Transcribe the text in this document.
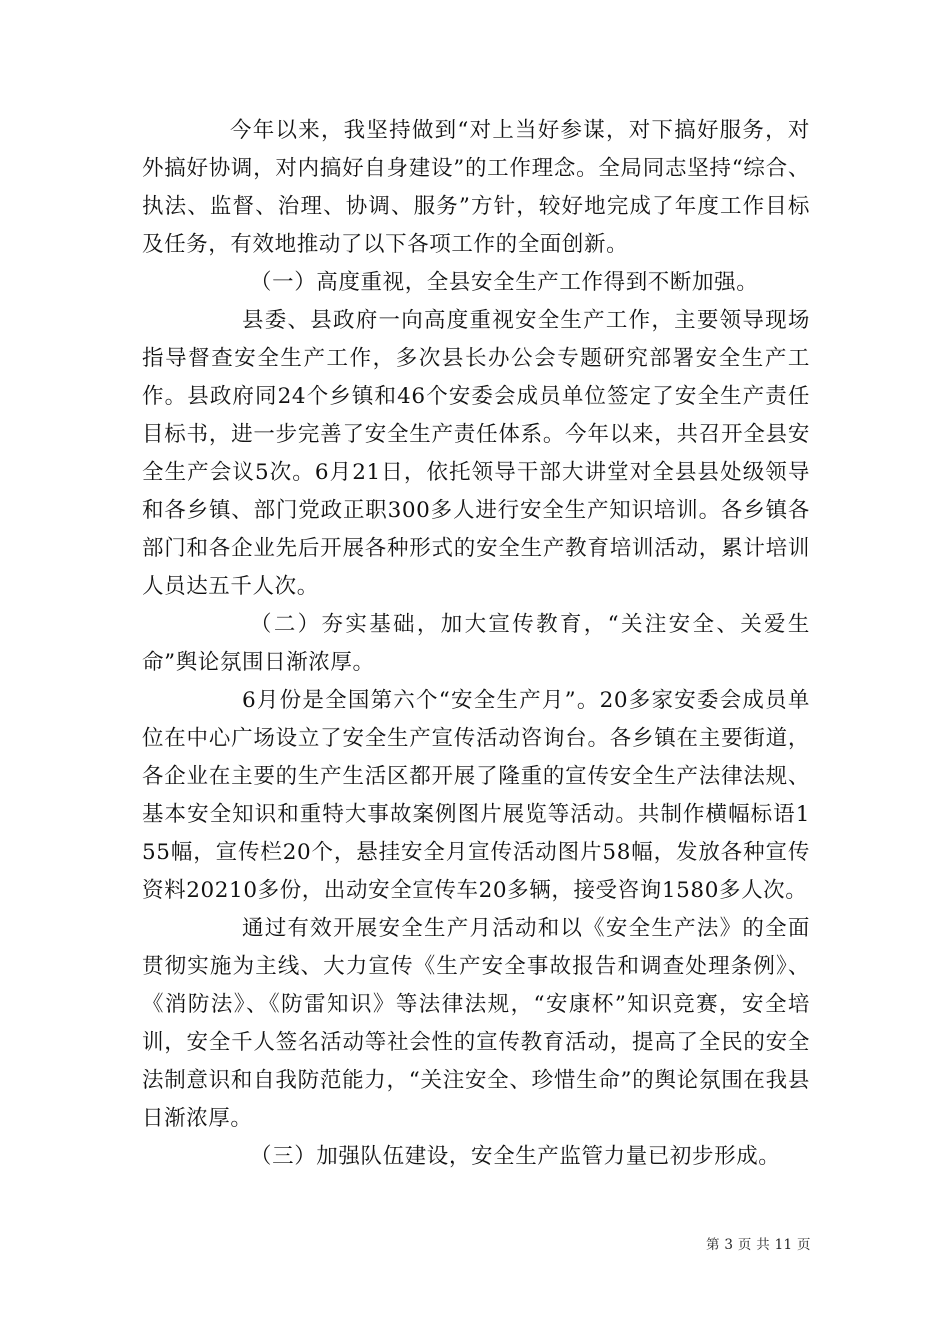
今年以来，我坚持做到“对上当好参谋，对下搞好服务，对外搞好协调，对内搞好自身建设”的工作理念。全局同志坚持“综合、执法、监督、治理、协调、服务”方针，较好地完成了年度工作目标及任务，有效地推动了以下各项工作的全面创新。

（一）高度重视，全县安全生产工作得到不断加强。

县委、县政府一向高度重视安全生产工作，主要领导现场指导督查安全生产工作，多次县长办公会专题研究部署安全生产工作。县政府同24个乡镇和46个安委会成员单位签定了安全生产责任目标书，进一步完善了安全生产责任体系。今年以来，共召开全县安全生产会议5次。6月21日，依托领导干部大讲堂对全县县处级领导和各乡镇、部门党政正职300多人进行安全生产知识培训。各乡镇各部门和各企业先后开展各种形式的安全生产教育培训活动，累计培训人员达五千人次。

（二）夯实基础，加大宣传教育，“关注安全、关爱生命”舆论氛围日渐浓厚。

6月份是全国第六个“安全生产月”。20多家安委会成员单位在中心广场设立了安全生产宣传活动咨询台。各乡镇在主要街道，各企业在主要的生产生活区都开展了隆重的宣传安全生产法律法规、基本安全知识和重特大事故案例图片展览等活动。共制作横幅标语155幅，宣传栏20个，悬挂安全月宣传活动图片58幅，发放各种宣传资料20210多份，出动安全宣传车20多辆，接受咨询1580多人次。

通过有效开展安全生产月活动和以《安全生产法》的全面贯彻实施为主线、大力宣传《生产安全事故报告和调查处理条例》、《消防法》、《防雷知识》等法律法规，“安康杯”知识竞赛，安全培训，安全千人签名活动等社会性的宣传教育活动，提高了全民的安全法制意识和自我防范能力，“关注安全、珍惜生命”的舆论氛围在我县日渐浓厚。

（三）加强队伍建设，安全生产监管力量已初步形成。

第 3 页 共 11 页
